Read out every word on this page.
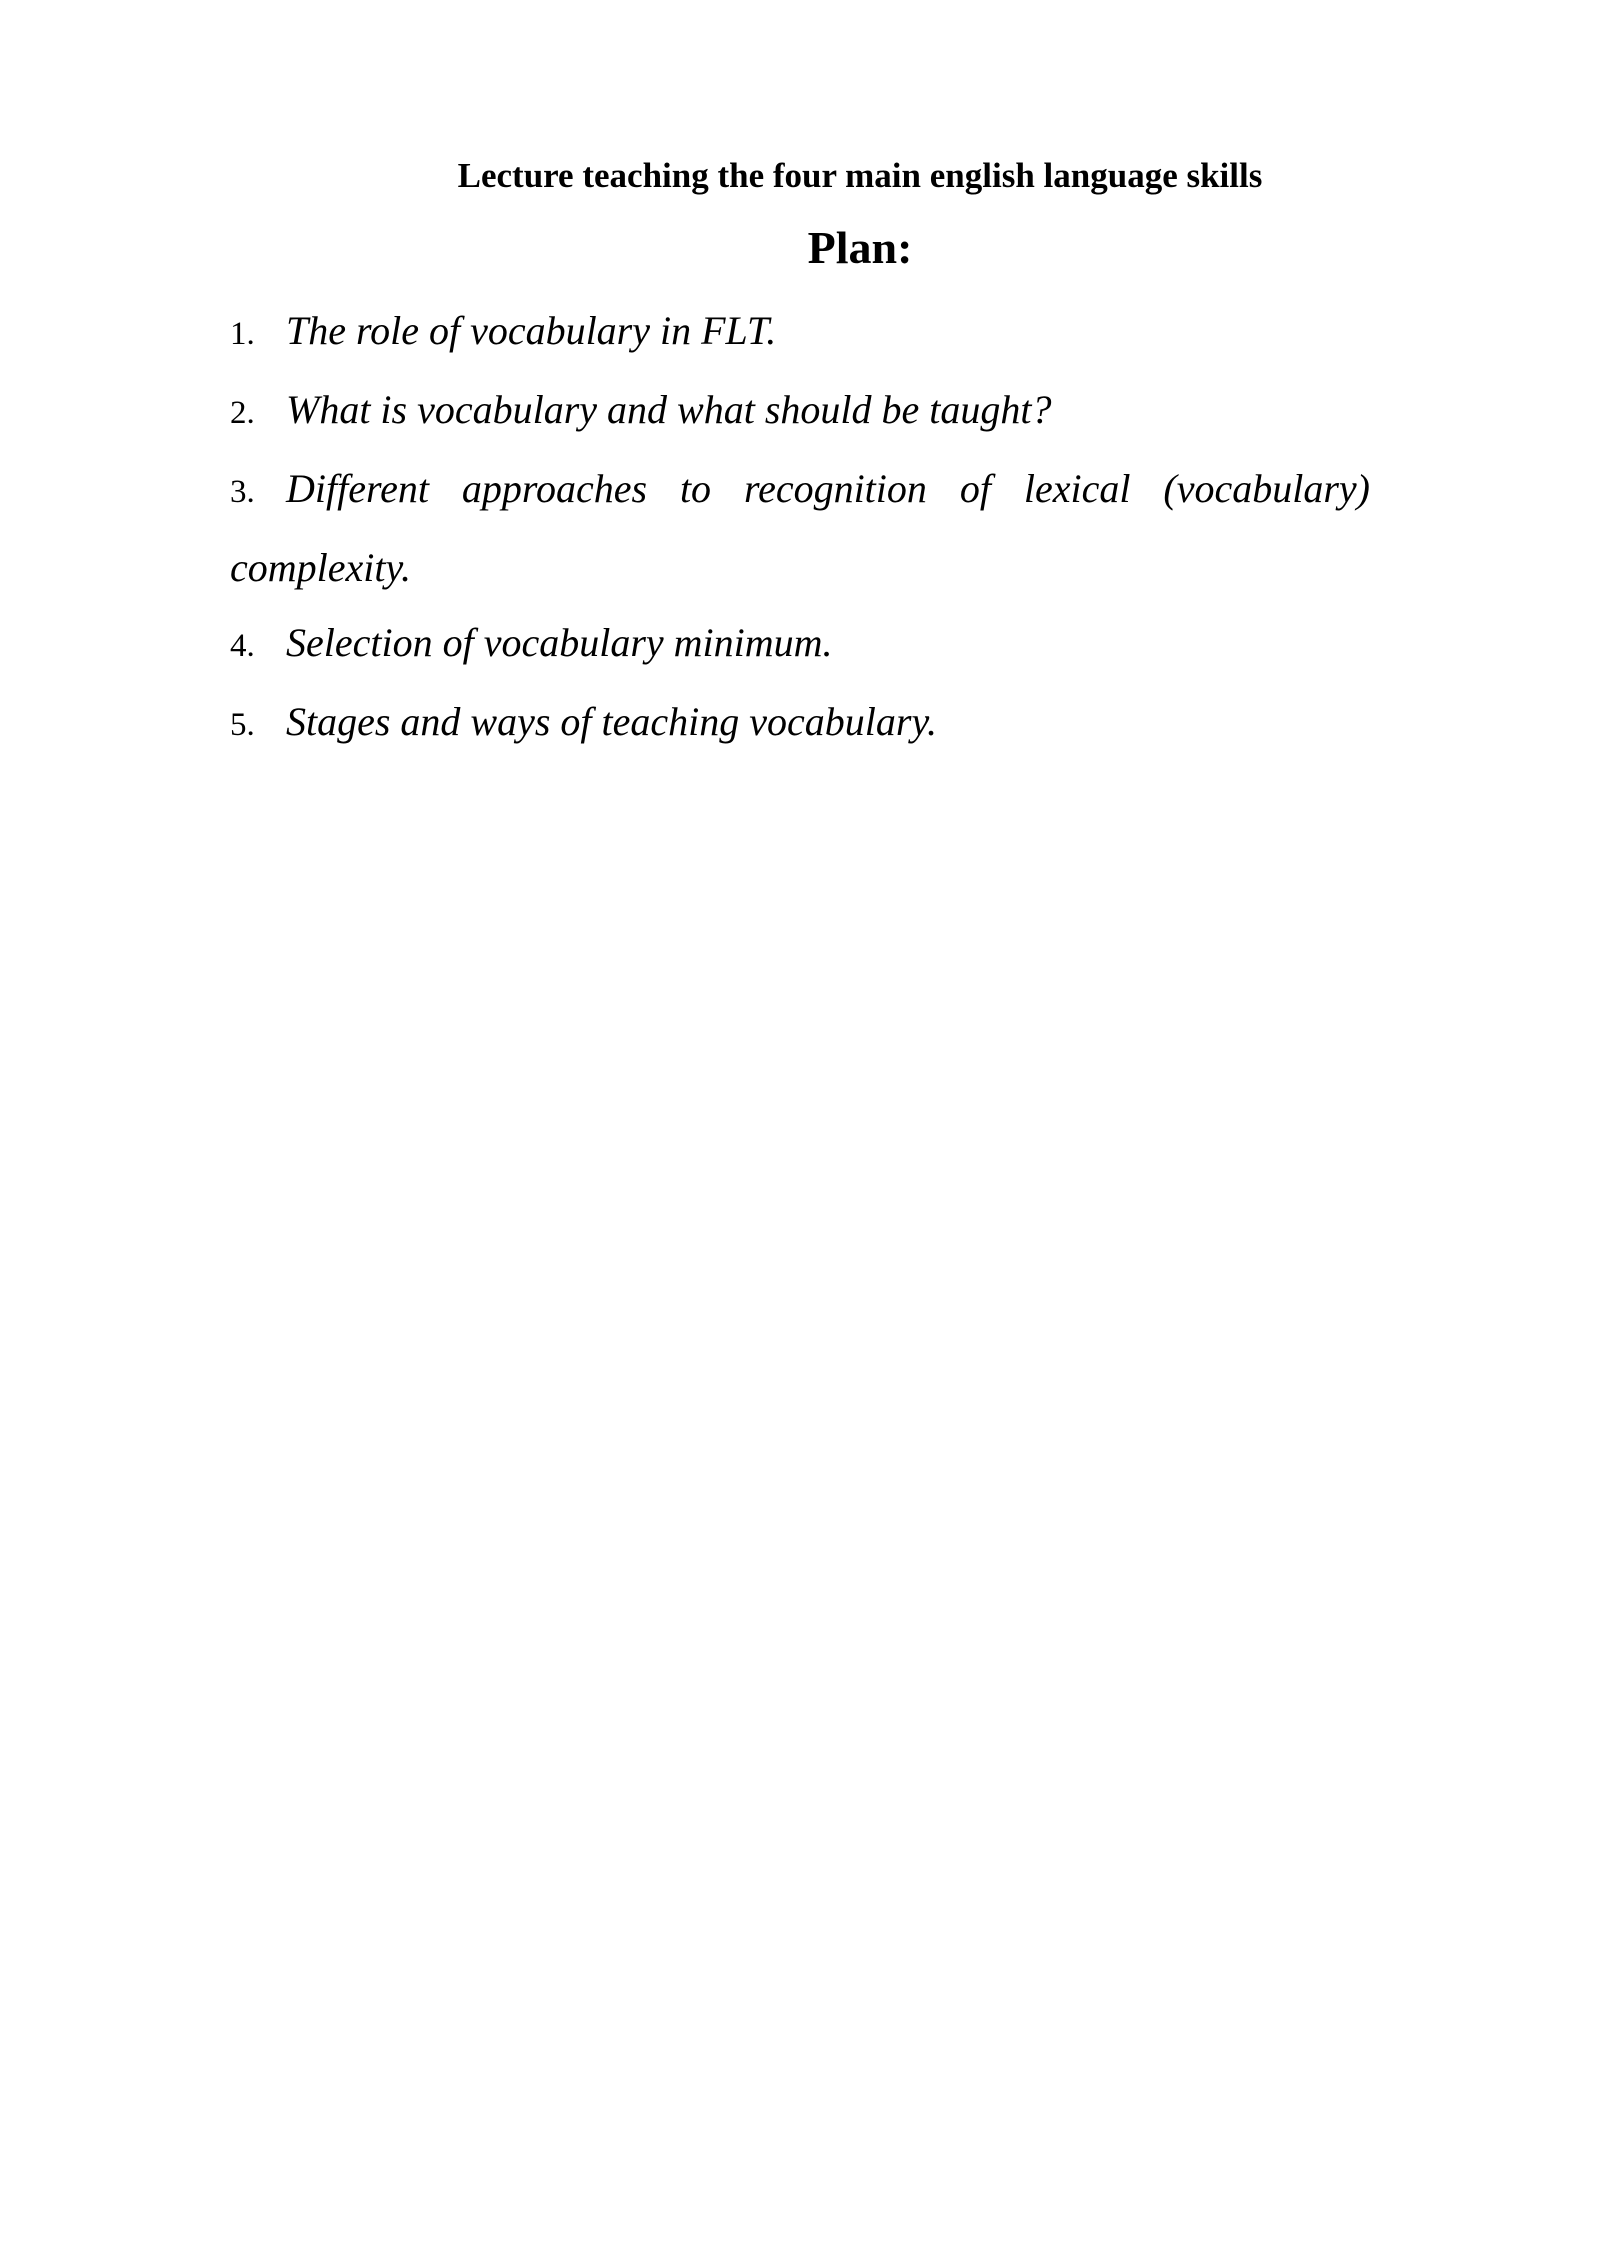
Lecture teaching the four main english language skills
Plan:
1. The role of vocabulary in FLT.
2. What is vocabulary and what should be taught?
3. Different approaches to recognition of lexical (vocabulary)
complexity.
4. Selection of vocabulary minimum.
5. Stages and ways of teaching vocabulary.
